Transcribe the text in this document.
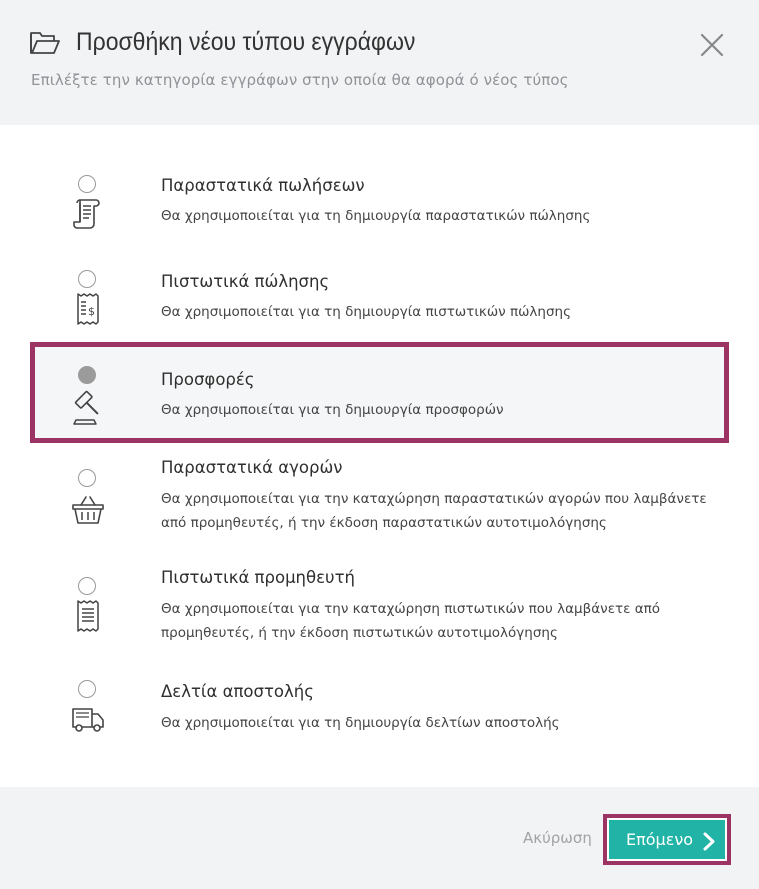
Προσθήκη νέου τύπου εγγράφων
Επιλέξτε την κατηγορία εγγράφων στην οποία θα αφορά ό νέος τύπος
Παραστατικά πωλήσεων
Θα χρησιμοποιείται για τη δημιουργία παραστατικών πώλησης
$
Πιστωτικά πώλησης
Θα χρησιμοποιείται για τη δημιουργία πιστωτικών πώλησης
Προσφορές
Θα χρησιμοποιείται για τη δημιουργία προσφορών
Παραστατικά αγορών
Θα χρησιμοποιείται για την καταχώρηση παραστατικών αγορών που λαμβάνετε
από προμηθευτές, ή την έκδοση παραστατικών αυτοτιμολόγησης
Πιστωτικά προμηθευτή
Θα χρησιμοποιείται για την καταχώρηση πιστωτικών που λαμβάνετε από
προμηθευτές, ή την έκδοση πιστωτικών αυτοτιμολόγησης
Δελτία αποστολής
Θα χρησιμοποιείται για τη δημιουργία δελτίων αποστολής
Ακύρωση Επόμενο
